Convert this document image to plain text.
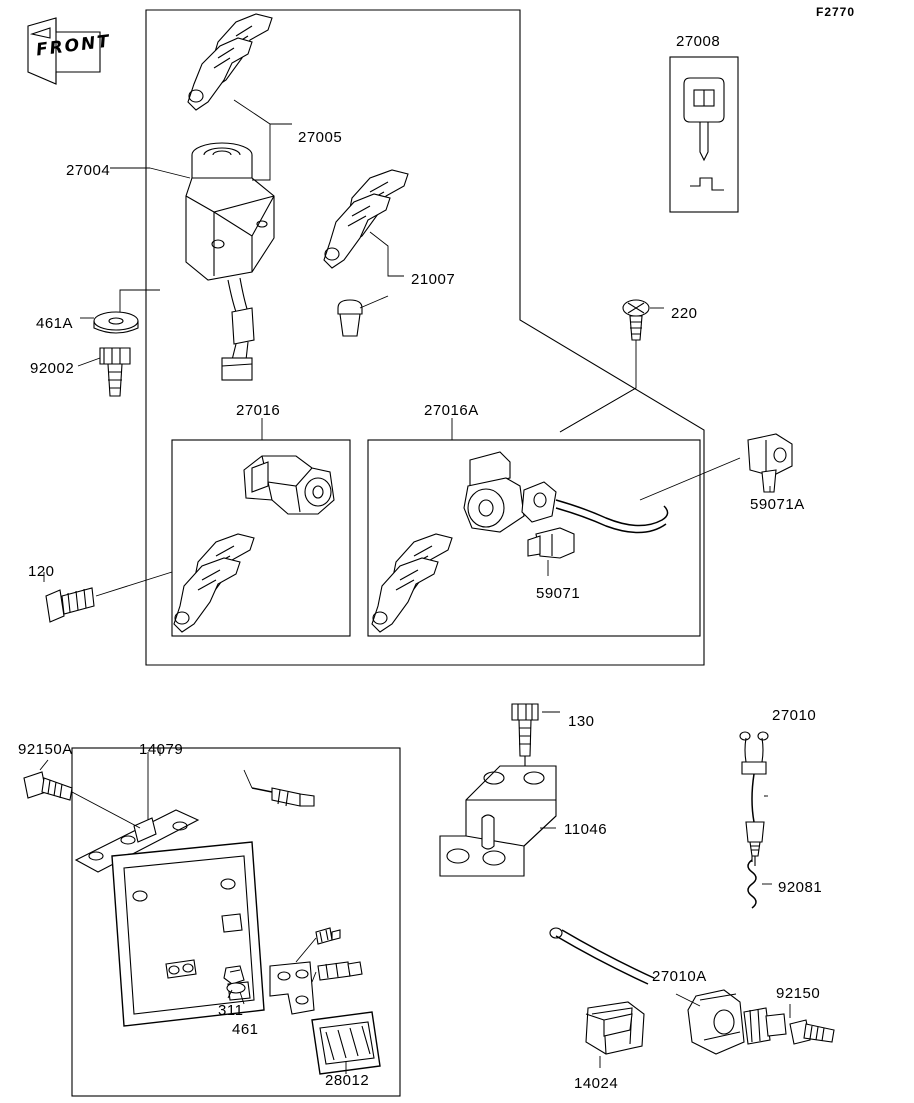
F2770
FRONT
27005
27004
21007
461A
92002
27008
220
27016	27016A
59071A
59071
120
130	27010
11046
92081
92150A	14079
311
461
28012
27010A
92150
14024
